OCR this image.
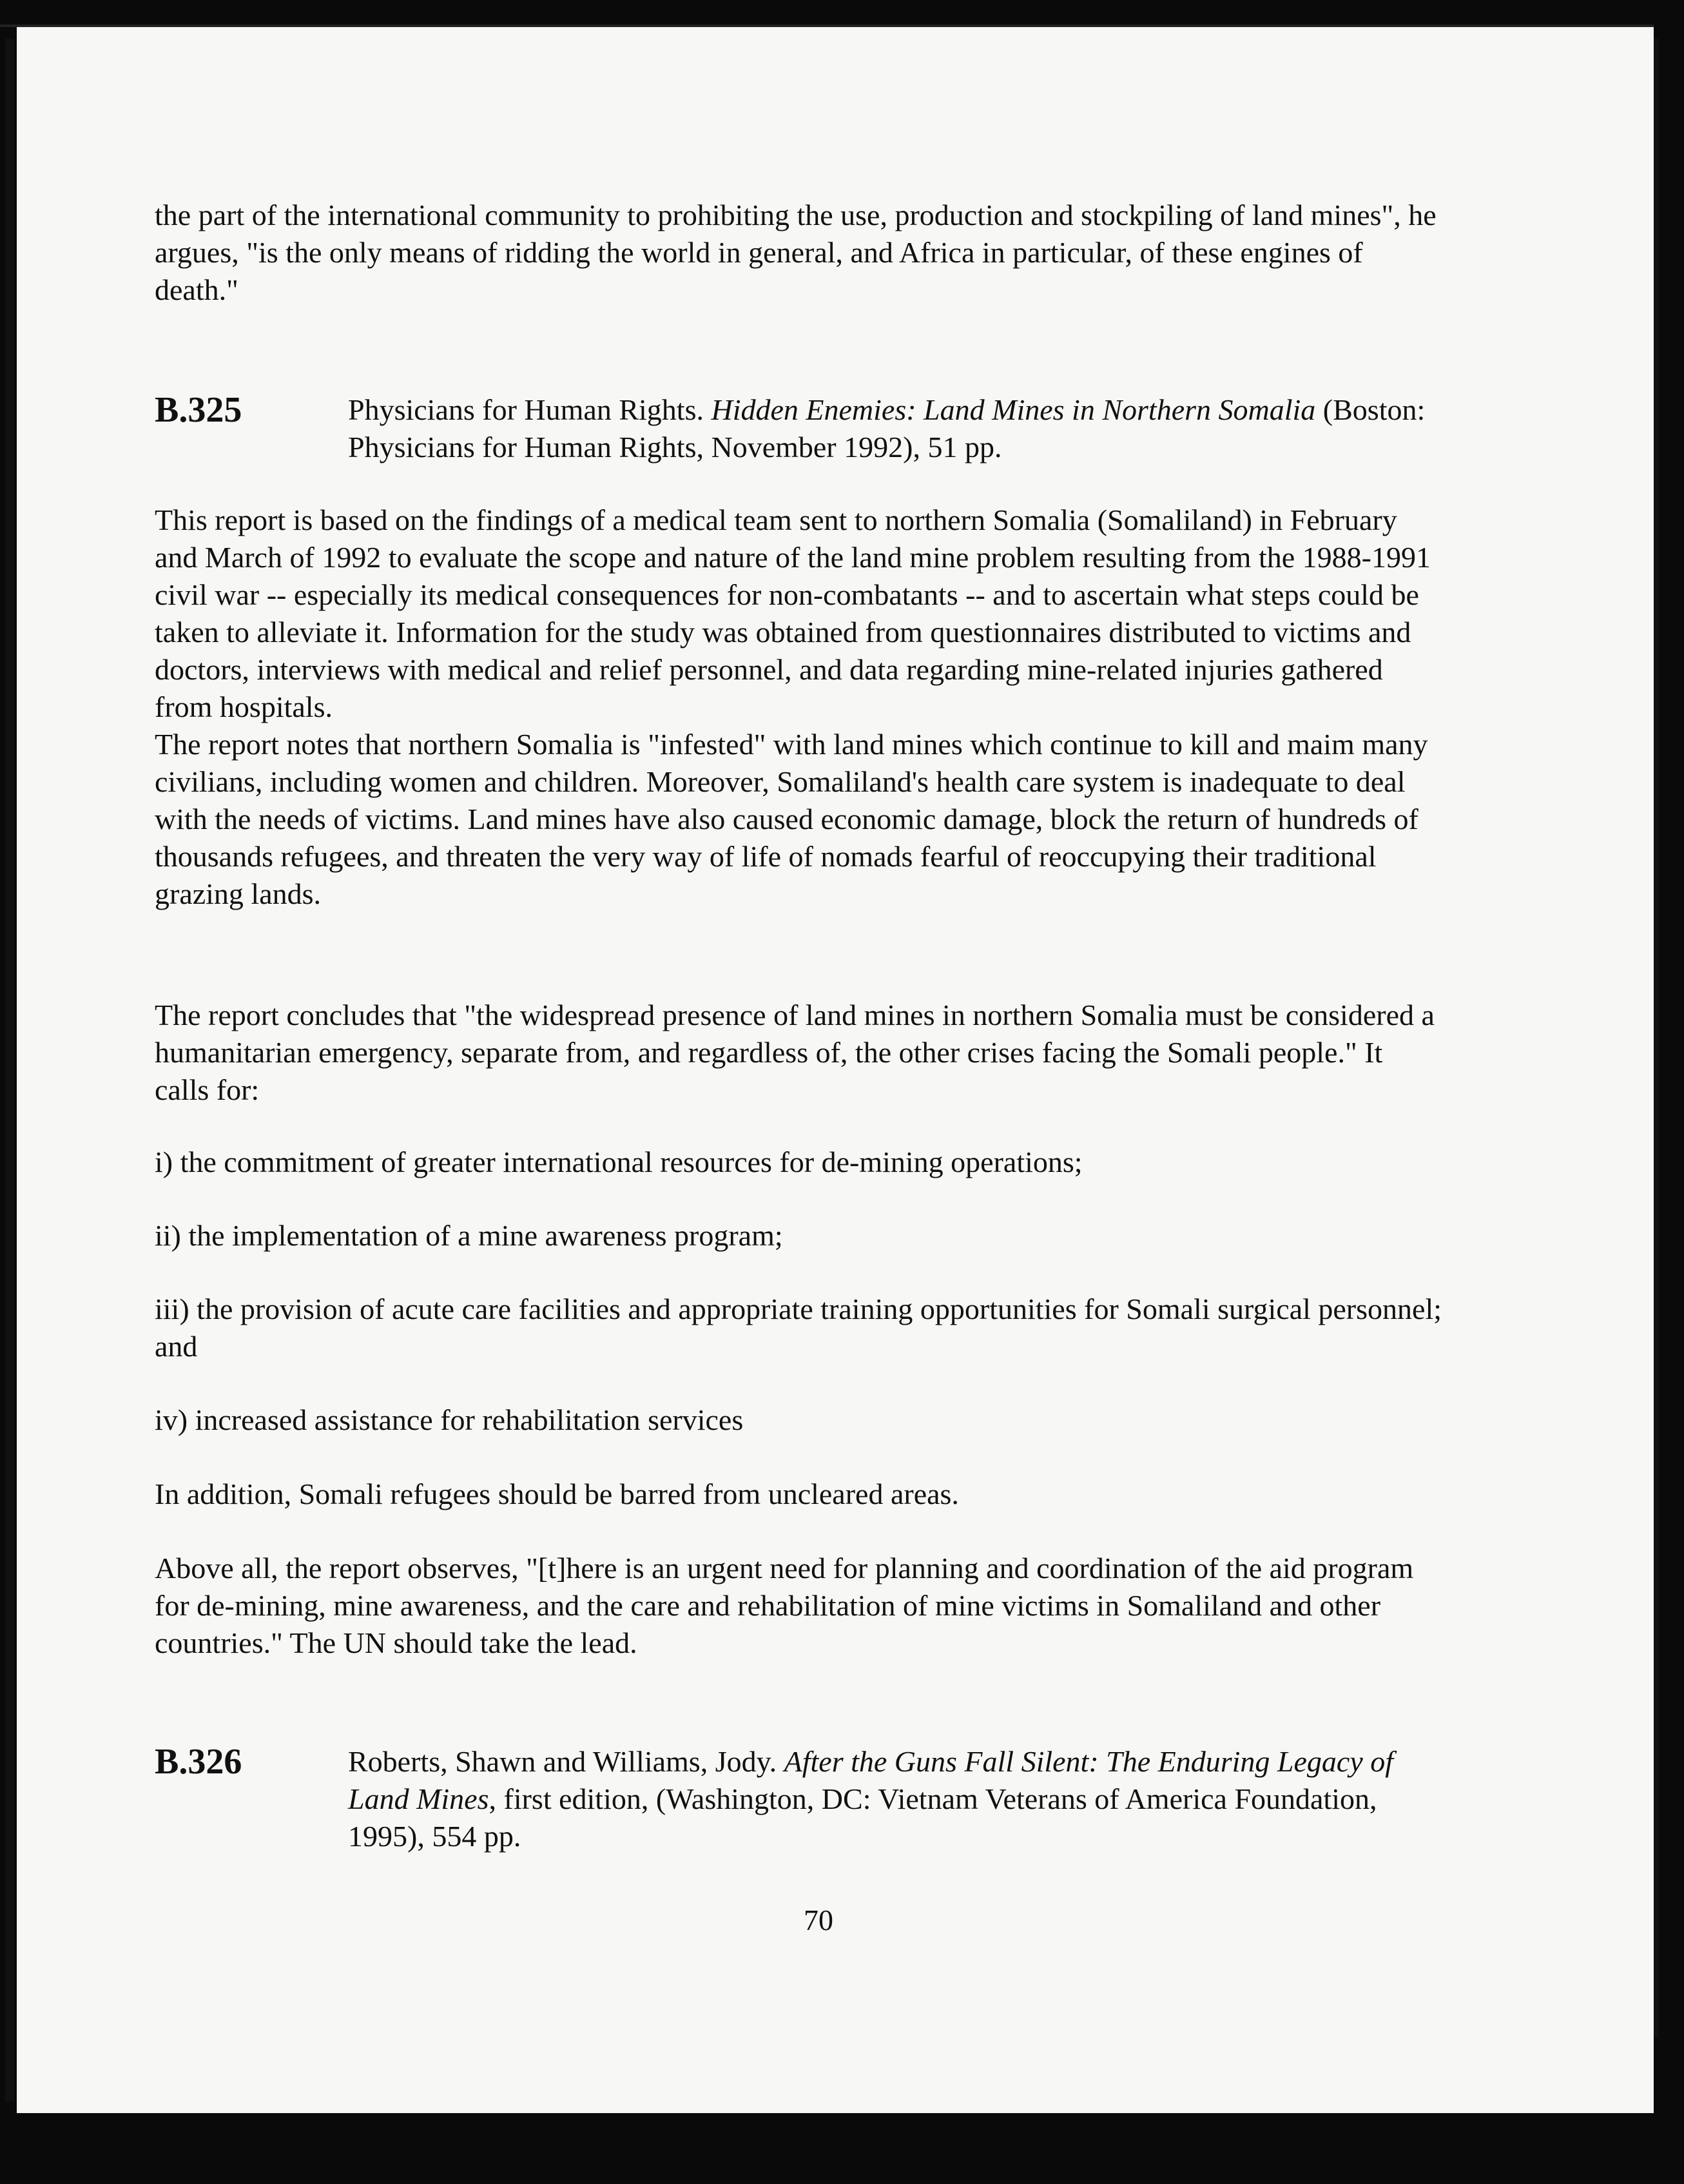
the part of the international community to prohibiting the use, production and stockpiling of land mines", he argues, "is the only means of ridding the world in general, and Africa in particular, of these engines of death."
B.325	Physicians for Human Rights. Hidden Enemies: Land Mines in Northern Somalia (Boston: Physicians for Human Rights, November 1992), 51 pp.
This report is based on the findings of a medical team sent to northern Somalia (Somaliland) in February and March of 1992 to evaluate the scope and nature of the land mine problem resulting from the 1988-1991 civil war -- especially its medical consequences for non-combatants -- and to ascertain what steps could be taken to alleviate it. Information for the study was obtained from questionnaires distributed to victims and doctors, interviews with medical and relief personnel, and data regarding mine-related injuries gathered from hospitals.
The report notes that northern Somalia is "infested" with land mines which continue to kill and maim many civilians, including women and children. Moreover, Somaliland's health care system is inadequate to deal with the needs of victims. Land mines have also caused economic damage, block the return of hundreds of thousands refugees, and threaten the very way of life of nomads fearful of reoccupying their traditional grazing lands.
The report concludes that "the widespread presence of land mines in northern Somalia must be considered a humanitarian emergency, separate from, and regardless of, the other crises facing the Somali people." It calls for:
i) the commitment of greater international resources for de-mining operations;
ii) the implementation of a mine awareness program;
iii) the provision of acute care facilities and appropriate training opportunities for Somali surgical personnel; and
iv) increased assistance for rehabilitation services
In addition, Somali refugees should be barred from uncleared areas.
Above all, the report observes, "[t]here is an urgent need for planning and coordination of the aid program for de-mining, mine awareness, and the care and rehabilitation of mine victims in Somaliland and other countries." The UN should take the lead.
B.326	Roberts, Shawn and Williams, Jody. After the Guns Fall Silent: The Enduring Legacy of Land Mines, first edition, (Washington, DC: Vietnam Veterans of America Foundation, 1995), 554 pp.
70
